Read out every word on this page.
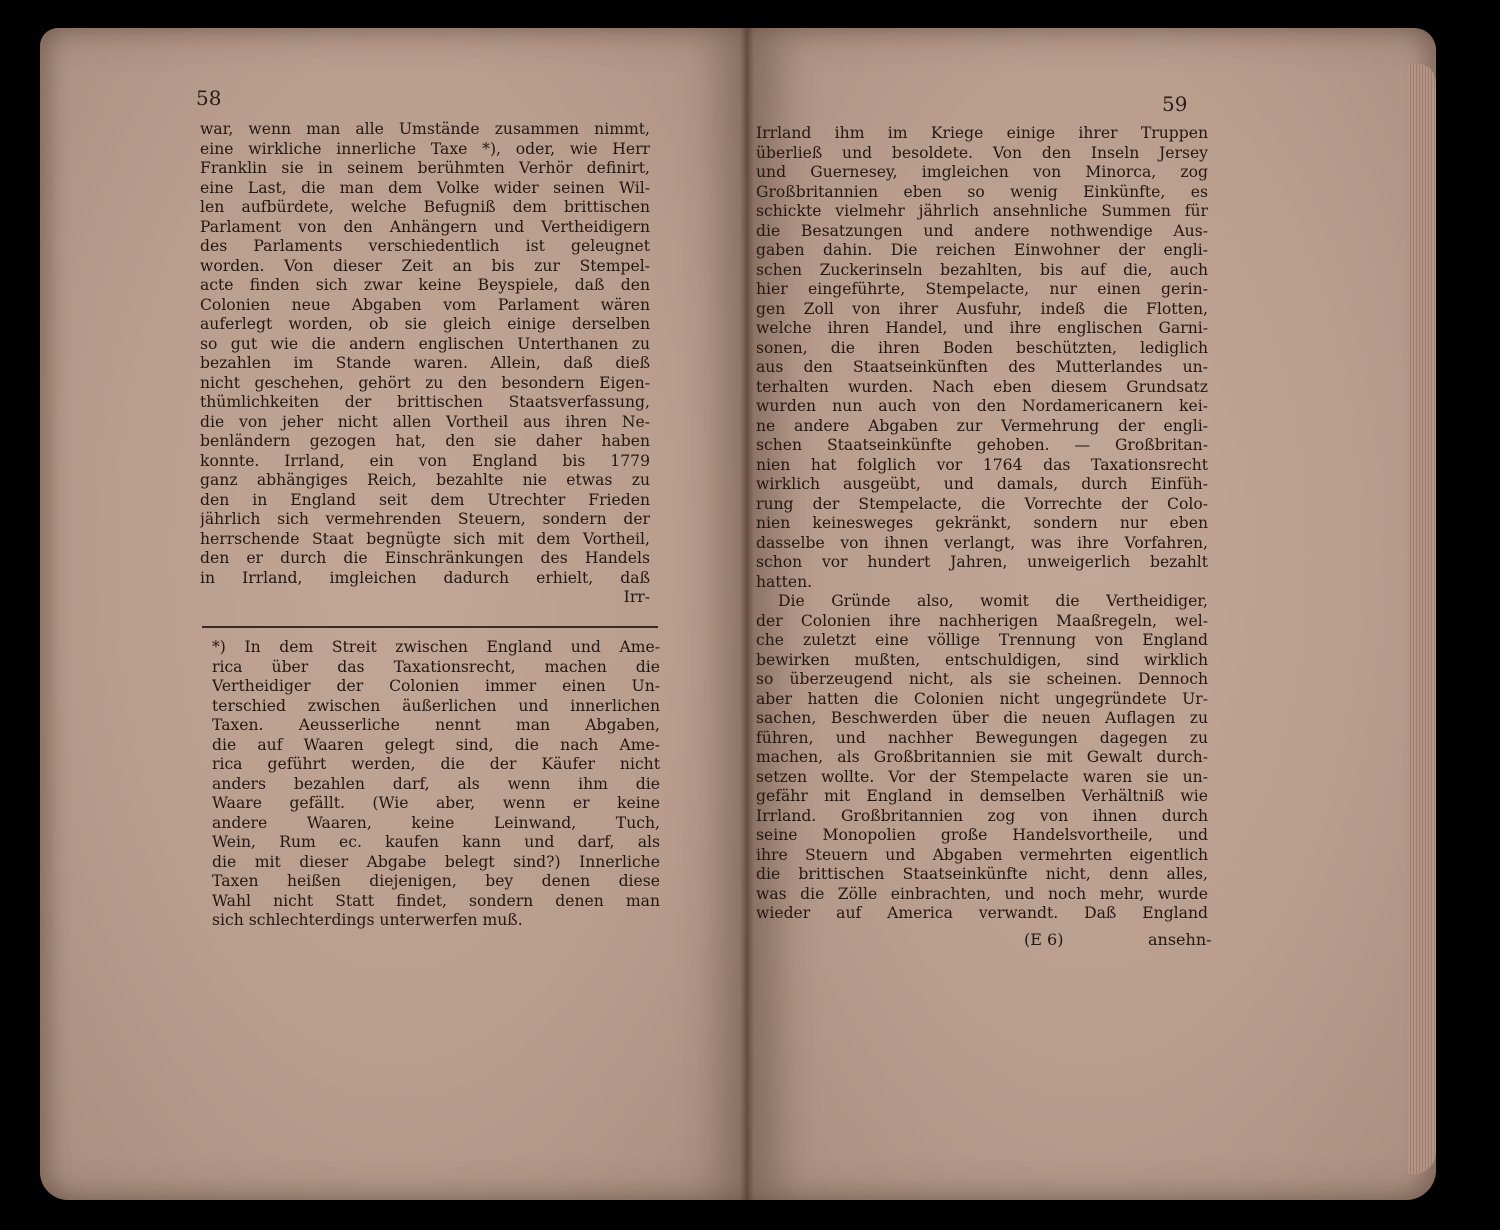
58	59
war, wenn man alle Umstände zusammen nimmt,
eine wirkliche innerliche Taxe *), oder, wie Herr
Franklin sie in seinem berühmten Verhör definirt,
eine Last, die man dem Volke wider seinen Wil-
len aufbürdete, welche Befugniß dem brittischen
Parlament von den Anhängern und Vertheidigern
des Parlaments verschiedentlich ist geleugnet
worden. Von dieser Zeit an bis zur Stempel-
acte finden sich zwar keine Beyspiele, daß den
Colonien neue Abgaben vom Parlament wären
auferlegt worden, ob sie gleich einige derselben
so gut wie die andern englischen Unterthanen zu
bezahlen im Stande waren. Allein, daß dieß
nicht geschehen, gehört zu den besondern Eigen-
thümlichkeiten der brittischen Staatsverfassung,
die von jeher nicht allen Vortheil aus ihren Ne-
benländern gezogen hat, den sie daher haben
konnte. Irrland, ein von England bis 1779
ganz abhängiges Reich, bezahlte nie etwas zu
den in England seit dem Utrechter Frieden
jährlich sich vermehrenden Steuern, sondern der
herrschende Staat begnügte sich mit dem Vortheil,
den er durch die Einschränkungen des Handels
in Irrland, imgleichen dadurch erhielt, daß
Irr-
*) In dem Streit zwischen England und Ame-
rica über das Taxationsrecht, machen die
Vertheidiger der Colonien immer einen Un-
terschied zwischen äußerlichen und innerlichen
Taxen. Aeusserliche nennt man Abgaben,
die auf Waaren gelegt sind, die nach Ame-
rica geführt werden, die der Käufer nicht
anders bezahlen darf, als wenn ihm die
Waare gefällt. (Wie aber, wenn er keine
andere Waaren, keine Leinwand, Tuch,
Wein, Rum ec. kaufen kann und darf, als
die mit dieser Abgabe belegt sind?) Innerliche
Taxen heißen diejenigen, bey denen diese
Wahl nicht Statt findet, sondern denen man
sich schlechterdings unterwerfen muß.
Irrland ihm im Kriege einige ihrer Truppen
überließ und besoldete. Von den Inseln Jersey
und Guernesey, imgleichen von Minorca, zog
Großbritannien eben so wenig Einkünfte, es
schickte vielmehr jährlich ansehnliche Summen für
die Besatzungen und andere nothwendige Aus-
gaben dahin. Die reichen Einwohner der engli-
schen Zuckerinseln bezahlten, bis auf die, auch
hier eingeführte, Stempelacte, nur einen gerin-
gen Zoll von ihrer Ausfuhr, indeß die Flotten,
welche ihren Handel, und ihre englischen Garni-
sonen, die ihren Boden beschützten, lediglich
aus den Staatseinkünften des Mutterlandes un-
terhalten wurden. Nach eben diesem Grundsatz
wurden nun auch von den Nordamericanern kei-
ne andere Abgaben zur Vermehrung der engli-
schen Staatseinkünfte gehoben. — Großbritan-
nien hat folglich vor 1764 das Taxationsrecht
wirklich ausgeübt, und damals, durch Einfüh-
rung der Stempelacte, die Vorrechte der Colo-
nien keinesweges gekränkt, sondern nur eben
dasselbe von ihnen verlangt, was ihre Vorfahren,
schon vor hundert Jahren, unweigerlich bezahlt
hatten.
Die Gründe also, womit die Vertheidiger,
der Colonien ihre nachherigen Maaßregeln, wel-
che zuletzt eine völlige Trennung von England
bewirken mußten, entschuldigen, sind wirklich
so überzeugend nicht, als sie scheinen. Dennoch
aber hatten die Colonien nicht ungegründete Ur-
sachen, Beschwerden über die neuen Auflagen zu
führen, und nachher Bewegungen dagegen zu
machen, als Großbritannien sie mit Gewalt durch-
setzen wollte. Vor der Stempelacte waren sie un-
gefähr mit England in demselben Verhältniß wie
Irrland. Großbritannien zog von ihnen durch
seine Monopolien große Handelsvortheile, und
ihre Steuern und Abgaben vermehrten eigentlich
die brittischen Staatseinkünfte nicht, denn alles,
was die Zölle einbrachten, und noch mehr, wurde
wieder auf America verwandt. Daß England
(E 6)	ansehn-
